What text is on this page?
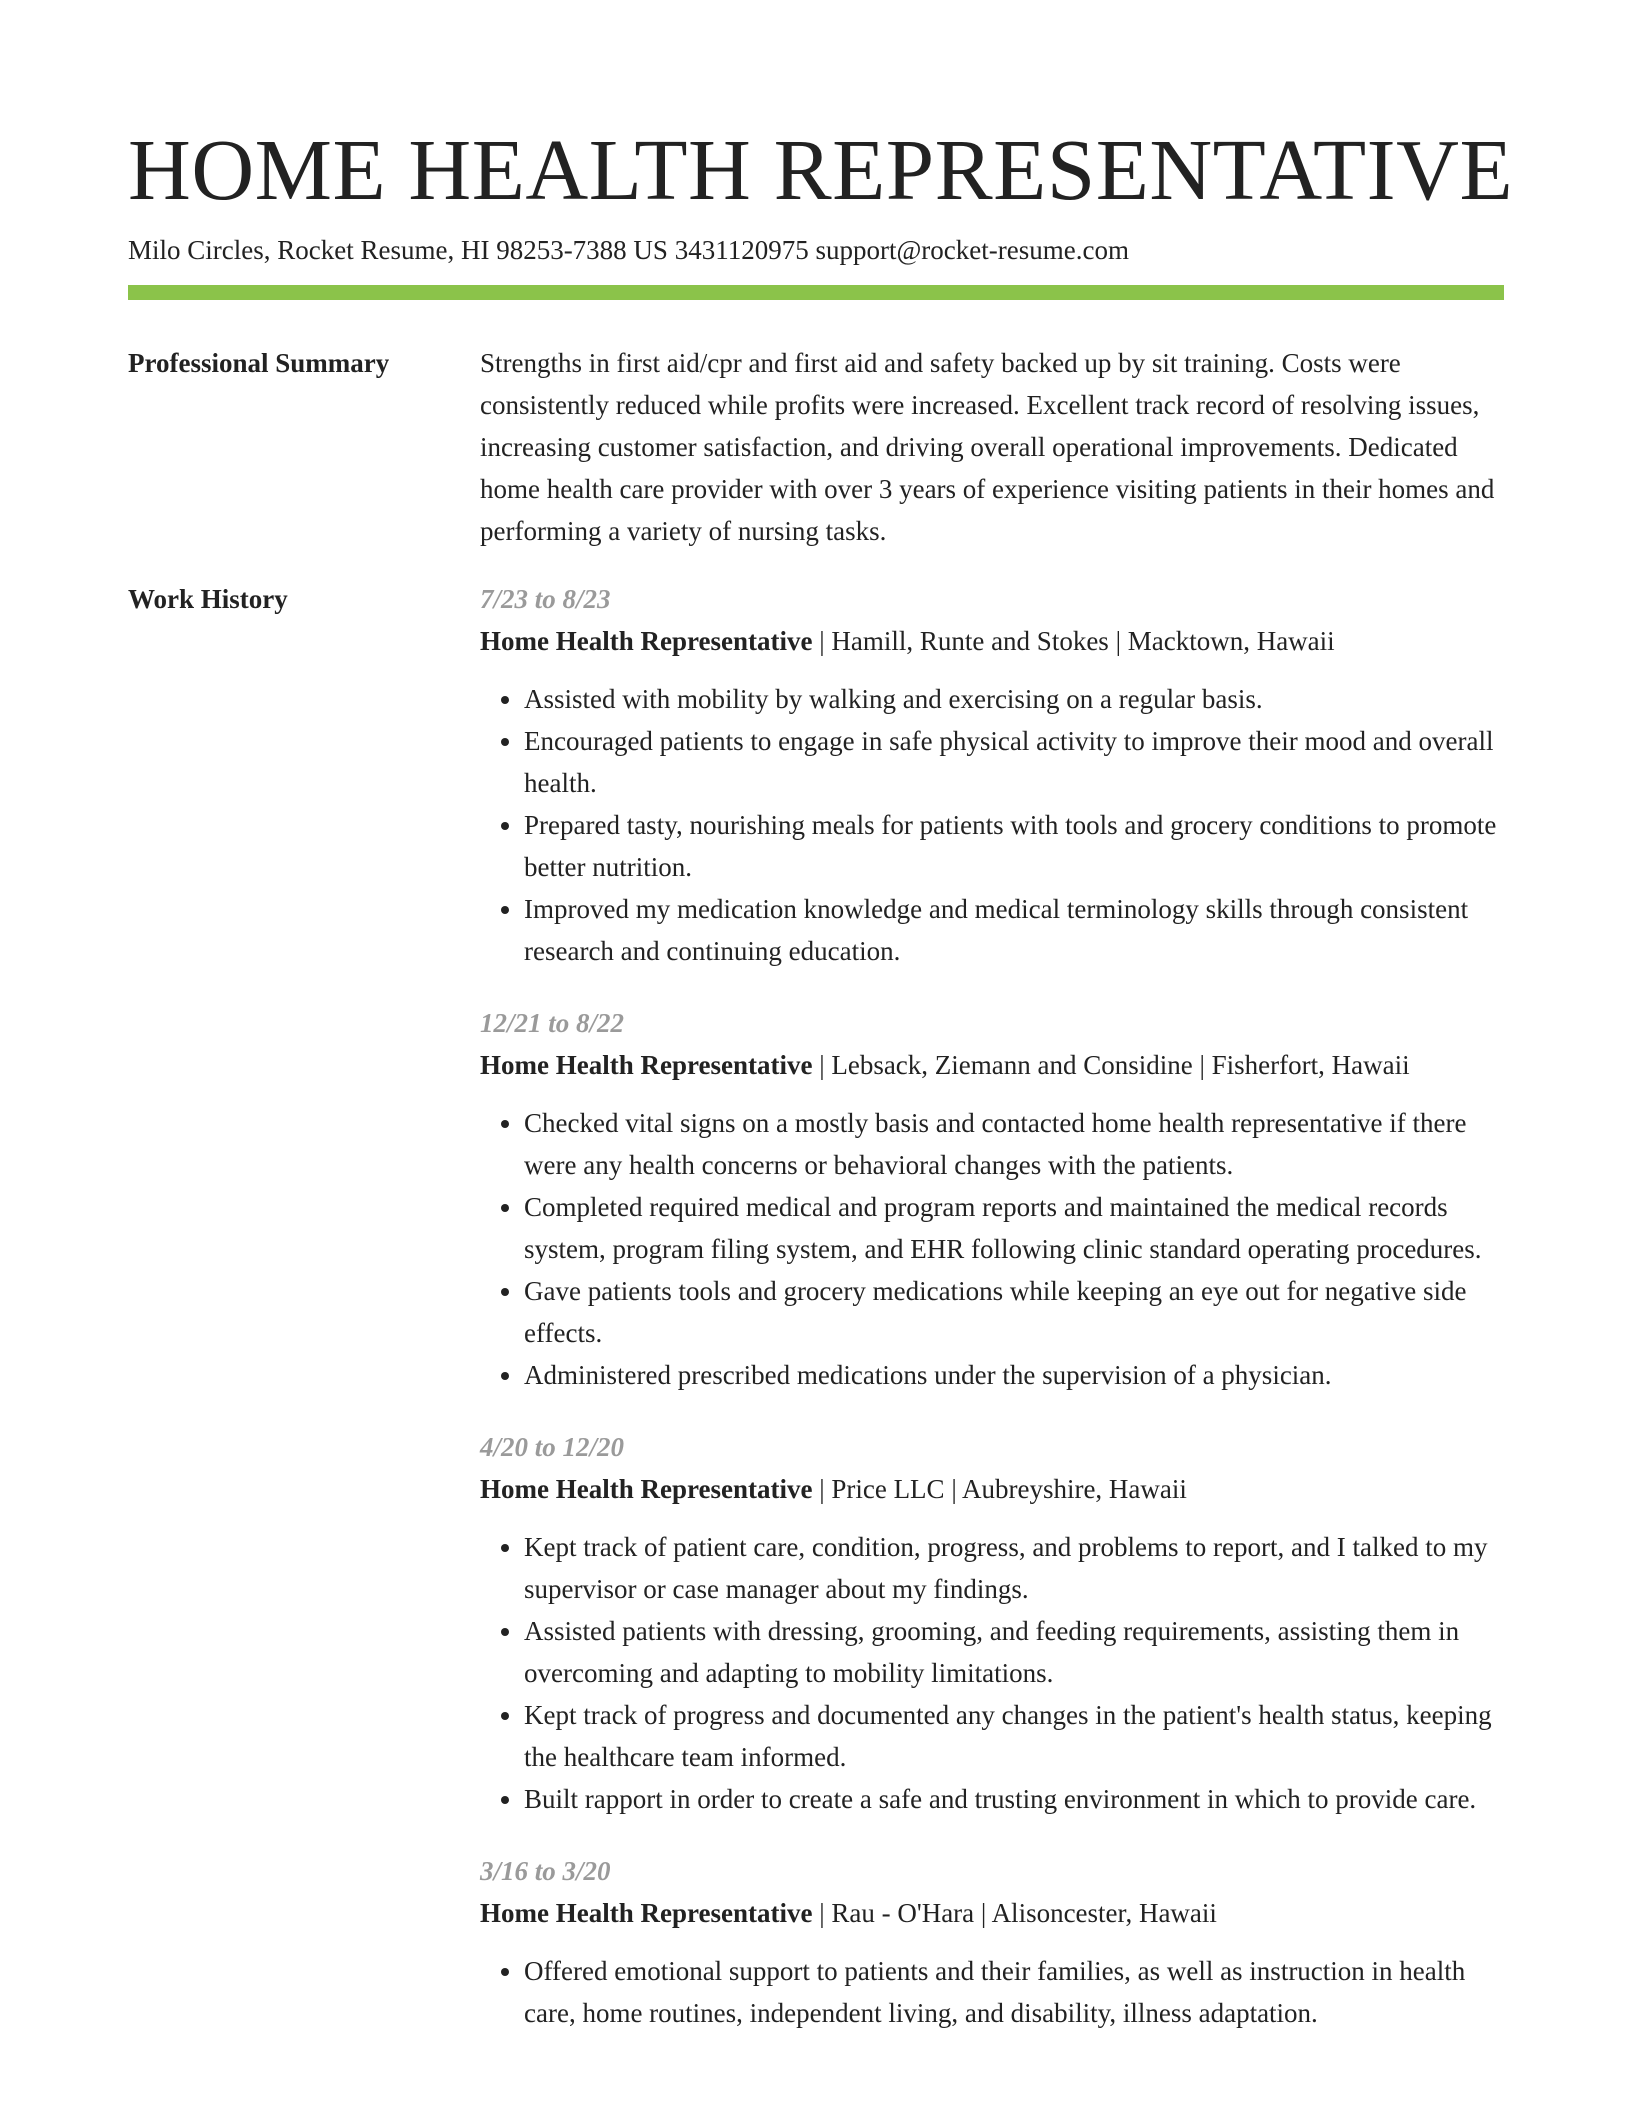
HOME HEALTH REPRESENTATIVE
Milo Circles, Rocket Resume, HI 98253-7388 US 3431120975 support@rocket-resume.com
Professional Summary	Strengths in first aid/cpr and first aid and safety backed up by sit training. Costs were consistently reduced while profits were increased. Excellent track record of resolving issues, increasing customer satisfaction, and driving overall operational improvements. Dedicated home health care provider with over 3 years of experience visiting patients in their homes and performing a variety of nursing tasks.

Work History	7/23 to 8/23
Home Health Representative | Hamill, Runte and Stokes | Macktown, Hawaii
• Assisted with mobility by walking and exercising on a regular basis.
• Encouraged patients to engage in safe physical activity to improve their mood and overall health.
• Prepared tasty, nourishing meals for patients with tools and grocery conditions to promote better nutrition.
• Improved my medication knowledge and medical terminology skills through consistent research and continuing education.
12/21 to 8/22
Home Health Representative | Lebsack, Ziemann and Considine | Fisherfort, Hawaii
• Checked vital signs on a mostly basis and contacted home health representative if there were any health concerns or behavioral changes with the patients.
• Completed required medical and program reports and maintained the medical records system, program filing system, and EHR following clinic standard operating procedures.
• Gave patients tools and grocery medications while keeping an eye out for negative side effects.
• Administered prescribed medications under the supervision of a physician.
4/20 to 12/20
Home Health Representative | Price LLC | Aubreyshire, Hawaii
• Kept track of patient care, condition, progress, and problems to report, and I talked to my supervisor or case manager about my findings.
• Assisted patients with dressing, grooming, and feeding requirements, assisting them in overcoming and adapting to mobility limitations.
• Kept track of progress and documented any changes in the patient's health status, keeping the healthcare team informed.
• Built rapport in order to create a safe and trusting environment in which to provide care.
3/16 to 3/20
Home Health Representative | Rau - O'Hara | Alisoncester, Hawaii
• Offered emotional support to patients and their families, as well as instruction in health care, home routines, independent living, and disability, illness adaptation.
